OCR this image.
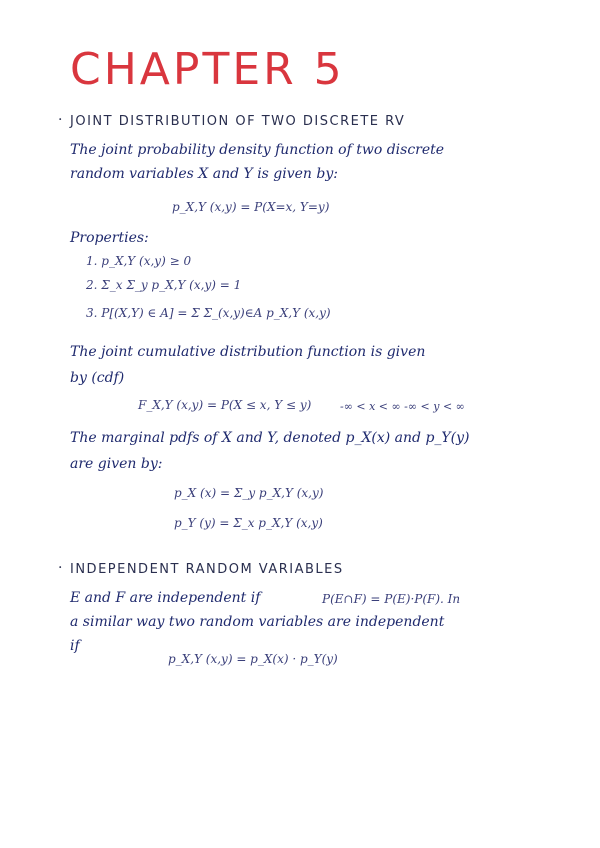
CHAPTER 5
· JOINT DISTRIBUTION OF TWO DISCRETE RV
The joint probability density function of two discrete
random variables X and Y is given by:
p_X,Y (x,y) = P(X=x, Y=y)
Properties:
1. p_X,Y (x,y) ≥ 0
2. Σ_x Σ_y p_X,Y (x,y) = 1
3. P[(X,Y) ∈ A] = Σ Σ_(x,y)∈A p_X,Y (x,y)
The joint cumulative distribution function is given
by (cdf)
F_X,Y (x,y) = P(X ≤ x, Y ≤ y)	-∞ < x < ∞ -∞ < y < ∞
The marginal pdfs of X and Y, denoted p_X(x) and p_Y(y)
are given by:
p_X (x) = Σ_y p_X,Y (x,y)
p_Y (y) = Σ_x p_X,Y (x,y)
· INDEPENDENT RANDOM VARIABLES
E and F are independent if	P(E∩F) = P(E)·P(F). In
a similar way two random variables are independent
if
p_X,Y (x,y) = p_X(x) · p_Y(y)
